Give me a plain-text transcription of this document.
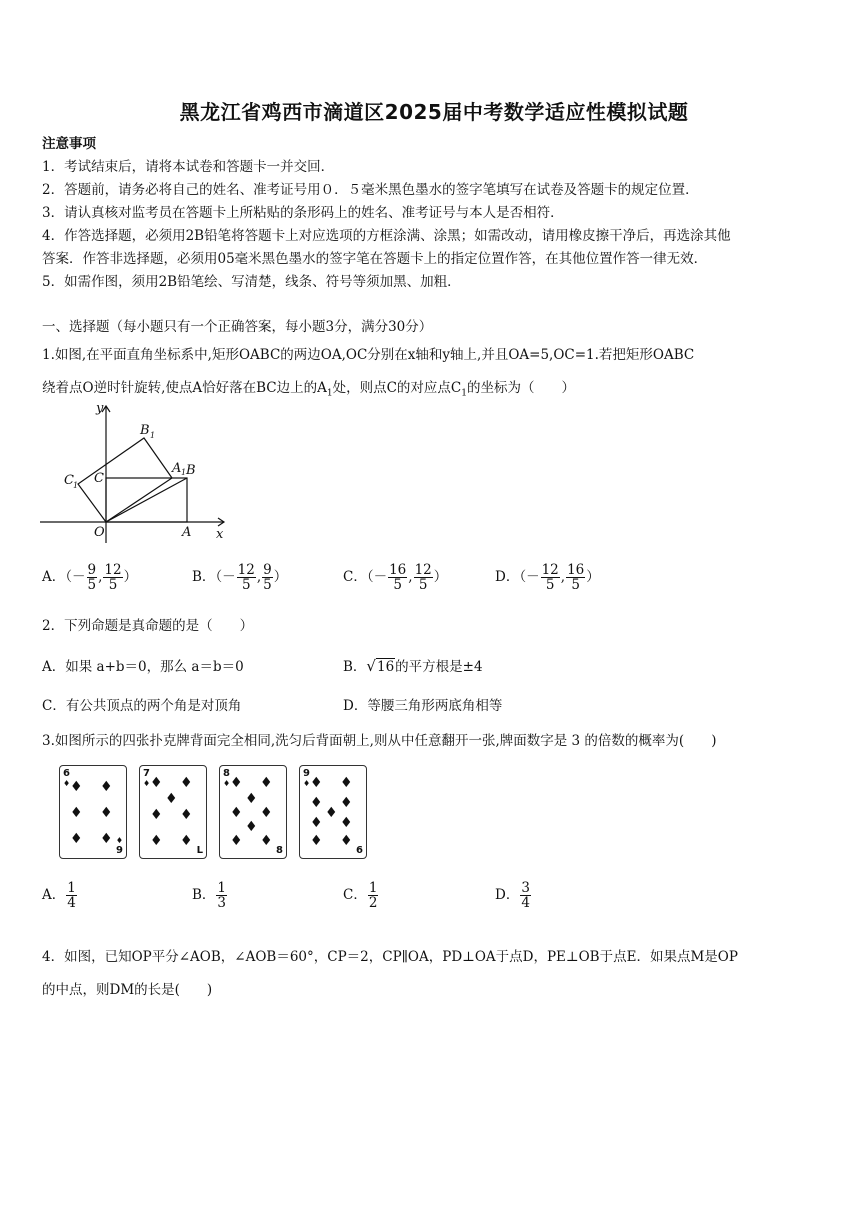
黑龙江省鸡西市滴道区2025届中考数学适应性模拟试题
注意事项
1．考试结束后，请将本试卷和答题卡一并交回．
2．答题前，请务必将自己的姓名、准考证号用０．５毫米黑色墨水的签字笔填写在试卷及答题卡的规定位置．
3．请认真核对监考员在答题卡上所粘贴的条形码上的姓名、准考证号与本人是否相符．
4．作答选择题，必须用2B铅笔将答题卡上对应选项的方框涂满、涂黑；如需改动，请用橡皮擦干净后，再选涂其他
答案．作答非选择题，必须用05毫米黑色墨水的签字笔在答题卡上的指定位置作答，在其他位置作答一律无效．
5．如需作图，须用2B铅笔绘、写清楚，线条、符号等须加黑、加粗．
一、选择题（每小题只有一个正确答案，每小题3分，满分30分）
1.如图,在平面直角坐标系中,矩形OABC的两边OA,OC分别在x轴和y轴上,并且OA=5,OC=1.若把矩形OABC
绕着点O逆时针旋转,使点A恰好落在BC边上的$A_1$处，则点C的对应点$C_1$的坐标为（　　）
y
x
O	A
B
C
B 1
A 1
C 1
A．（－ $\frac{9}{5}$ , $\frac{12}{5}$ ）	B．（－ $\frac{12}{5}$ , $\frac{9}{5}$ ）	C．（－ $\frac{16}{5}$ , $\frac{12}{5}$ ）	D．（－ $\frac{12}{5}$ , $\frac{16}{5}$ ）
2．下列命题是真命题的是（　　）
A．如果 a+b＝0，那么 a＝b＝0	B．√16的平方根是±4
C．有公共顶点的两个角是对顶角	D．等腰三角形两底角相等
3.如图所示的四张扑克牌背面完全相同,洗匀后背面朝上,则从中任意翻开一张,牌面数字是 3 的倍数的概率为(　　)
6
♦ ♦ ♦
♦ ♦
♦ ♦ ♦
9
7
♦ ♦ ♦
♦
♦ ♦
♦ ♦
L
8
♦ ♦ ♦
♦
♦ ♦
♦
♦ ♦
8
9
♦ ♦ ♦
♦ ♦
♦
♦ ♦
♦ ♦
6
A． $\frac{1}{4}$	B． $\frac{1}{3}$	C． $\frac{1}{2}$	D． $\frac{3}{4}$
4．如图，已知OP平分∠AOB，∠AOB＝60°，CP＝2，CP∥OA，PD⊥OA于点D，PE⊥OB于点E．如果点M是OP
的中点，则DM的长是(　　)
